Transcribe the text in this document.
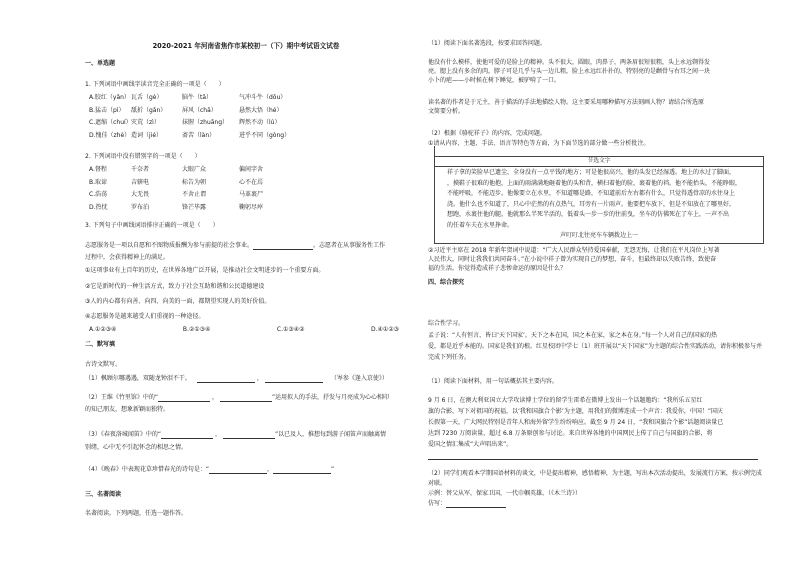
2020-2021 年河南省焦作市某校初一（下）期中考试语文试卷
一、单选题
1. 下列词语中画线字读音完全正确的一项是（　　）
A.胶红（yǎn） 瓦舌（gè）	脑牛（tā）	气冲斗牛（dǒu）
B.猛击（pì）	舐折（gǎn）	屏风（chā）	悬然大悟（hé）
C.遮缩（chuí） 灾荒（zì）	抹腥（zhuāng）	辉然不动（lú）
D.愧佳（zhè） 造词（jié）	斋苦（làn）	进乎不同（gòng）
2. 下列词语中没有错别字的一项是（　　）
A.督程	千奈者	大眼广众	偏间字舍
B.取谛	吉辖电	标告为朝	心不在焉
C.浩荡	大无畏	不舍止谓	马革裹尸
D.热忱	罗布泊	锋芒毕露	鞠躬尽瘁
3. 下列句子中画线词语排序正确的一项是（　　）
志愿服务是一项以自愿和不图物质报酬为参与前提的社会事业。	。志愿者在从事服务性工作
过程中，会获得精神上的满足。
①这项事业有上百年的历史，在世界各地广泛开展，是推动社会文明进步的一个重要方面。
②它是新时代的一种生活方式，致力于社会互助和谐和公民道德建设
③人的内心都有向善、向四、向美的一面，都期望实现人的美好价值。
④志愿服务是越来越受人们重视的一种途径。
A.①②③④	B.②①③④	C.①③④②	D.④①②③
二、默写填
古诗文默写。
（1）枫顾尔哪遇遇，双随龙钟泪不干。	，	（岑参《逢入京使》）
（2）王维《竹里馆》中的“	，	”运用拟人的手法，抒发与月亮成为心心相印
的知己朋友，想象新颖而独特。
（3）《春夜洛城闻笛》中的“	，	”以已及人，推想每到游子闻笛声而触离情
别绪，心中无不引起怀念的相思之情。
（4）《晚春》中表现花草珍惜春光的诗句是：“	，	”
三、名著阅读
名著阅读。下列两题，任选一题作答。
（1）阅读下面名著选段，按要求回答问题。
他没有什么模样，使他可爱的是脸上的精神。头不很大，圆眼，肉鼻子，两条眉很短很粗，头上永远剃得发
亮。腮上没有多余的肉，脖子可是几乎与头一边儿粗，脸上永远红扑扑的，特别亮的是颧骨与右耳之间一块
小卜的疤——小时候在树下睡觉，被驴啃了一口。
读名著的作者是于元主，善于描活的手法地描绘人物。这主要采用哪种描写方法刻画人物？请结合所选原
文简要分析。
（2）根据《骆驼祥子》的内容，完成问题。
①请从内容、主题、手法、语言等特色等方面，为下面节选的部分做一些分析批注。
节选文字
祥子拿的笑脸早已遗尘，全身没有一点平钱的地方；可是他很高兴，他的头发已经湿透。地上的水过了脚面，
，摸鞋子很难的他抱，上面的雨满满地砸着他的头和背，横扫着他的脸，裹着他的裆。他不能抬头，不能睁眼，
不能呼吸，不能迈步。他像要立在水里，不知道哪是路，不知道前后左右都有什么，只觉得透骨凉的水往身上
浇。他什么也不知道了，只心中茫然的有点热气，耳旁有一片雨声。他要把车放下，但是不知放在了哪里好。
想跑，水裹住他的腿。他就那么半死半活的，低着头一步一步的往前曳，坐车的仿佛死在了车上，一声不出
的任着车夫在水里挣命。
声叮叮北往亮车车辆拨边上一
②习近平主席在 2018 年新年贺词中说道：“广大人民群众坚持爱国奉献，无怨无悔，让我们在平凡岗位上写著
人民伟大，同时让我我们共同奋斗。”在小说中祥子曾为实现自己的梦想，奋斗，但最终却以失败告终，致使奋
福的生活。你觉得造成祥子悲惨命运的原因是什么？
四、综合探究
综合性学习。
孟子说：“人有恒言，皆曰‘天下国家’。天下之本在国，国之本在家，家之本在身。”每一个人对自己的国家的热
爱，都是近乎本能的。国家是我们的根。红星校团中学七（1）班开展以“天下国家”为主题的综合性实践活动，请你积极参与并
完成下列任务。
（1）阅读下面材料，用一句话概括其主要内容。
9 月 6 日，在澳大利亚国立大学攻读博士学位的留学生雷希在微博上发出一个话题邀约：“我所乐五星红
旗的合影，写下对祖国的祝福，以‘我和国旗合个影’为主题，用我们的微博连成一个声音：我爱你，中国！”国庆
长假第一天，广大网民特别是青年人和海外留学生纷纷响应。截至 9 月 24 日，“我和国旗合个影”话题阅读量已
达到 7230 万阅读量，超过 6.8 万条原创参与讨论。来自世界各地的中国网民上传了自己与国旗的合影，将
爱国之情汇集成“大声唱出来”。
（2）同学们观看本学期国语材料的谈文，中是提出精神，感悟精神，为主题，写出本次活动提出，发展流行方案，按示例完成
对联。
示例：替父从军，保家卫国，一代巾帼英雄。（《木兰诗》）
仿写：
